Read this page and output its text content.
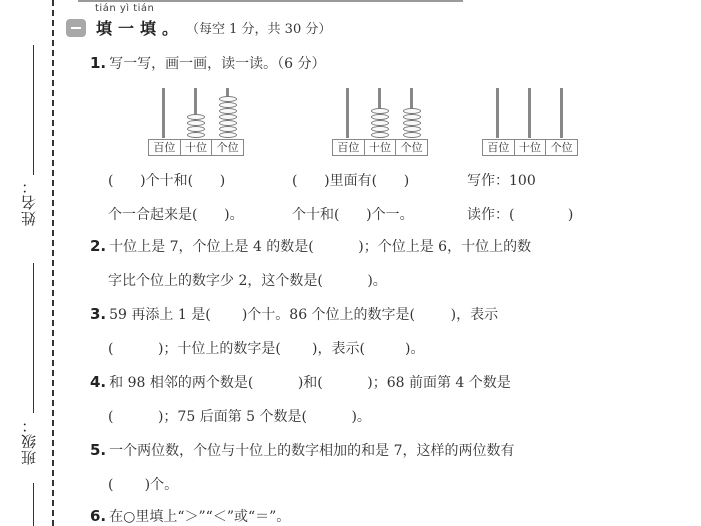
姓名：
班级：
tián yì tián
填一填。 （每空 1 分，共 30 分）
1. 写一写，画一画，读一读。（6 分）
百位 十位 个位	百位 十位 个位	百位 十位 个位
(      )个十和(      )	(      )里面有(      )	写作：100
个一合起来是(      )。	个十和(      )个一。	读作：(            )
2. 十位上是 7，个位上是 4 的数是(          )；个位上是 6，十位上的数
字比个位上的数字少 2，这个数是(          )。
3. 59 再添上 1 是(       )个十。86 个位上的数字是(        )，表示
(          )；十位上的数字是(       )，表示(         )。
4. 和 98 相邻的两个数是(          )和(          )；68 前面第 4 个数是
(          )；75 后面第 5 个数是(          )。
5. 一个两位数，个位与十位上的数字相加的和是 7，这样的两位数有
(       )个。
6. 在○里填上“＞”“＜”或“＝”。
